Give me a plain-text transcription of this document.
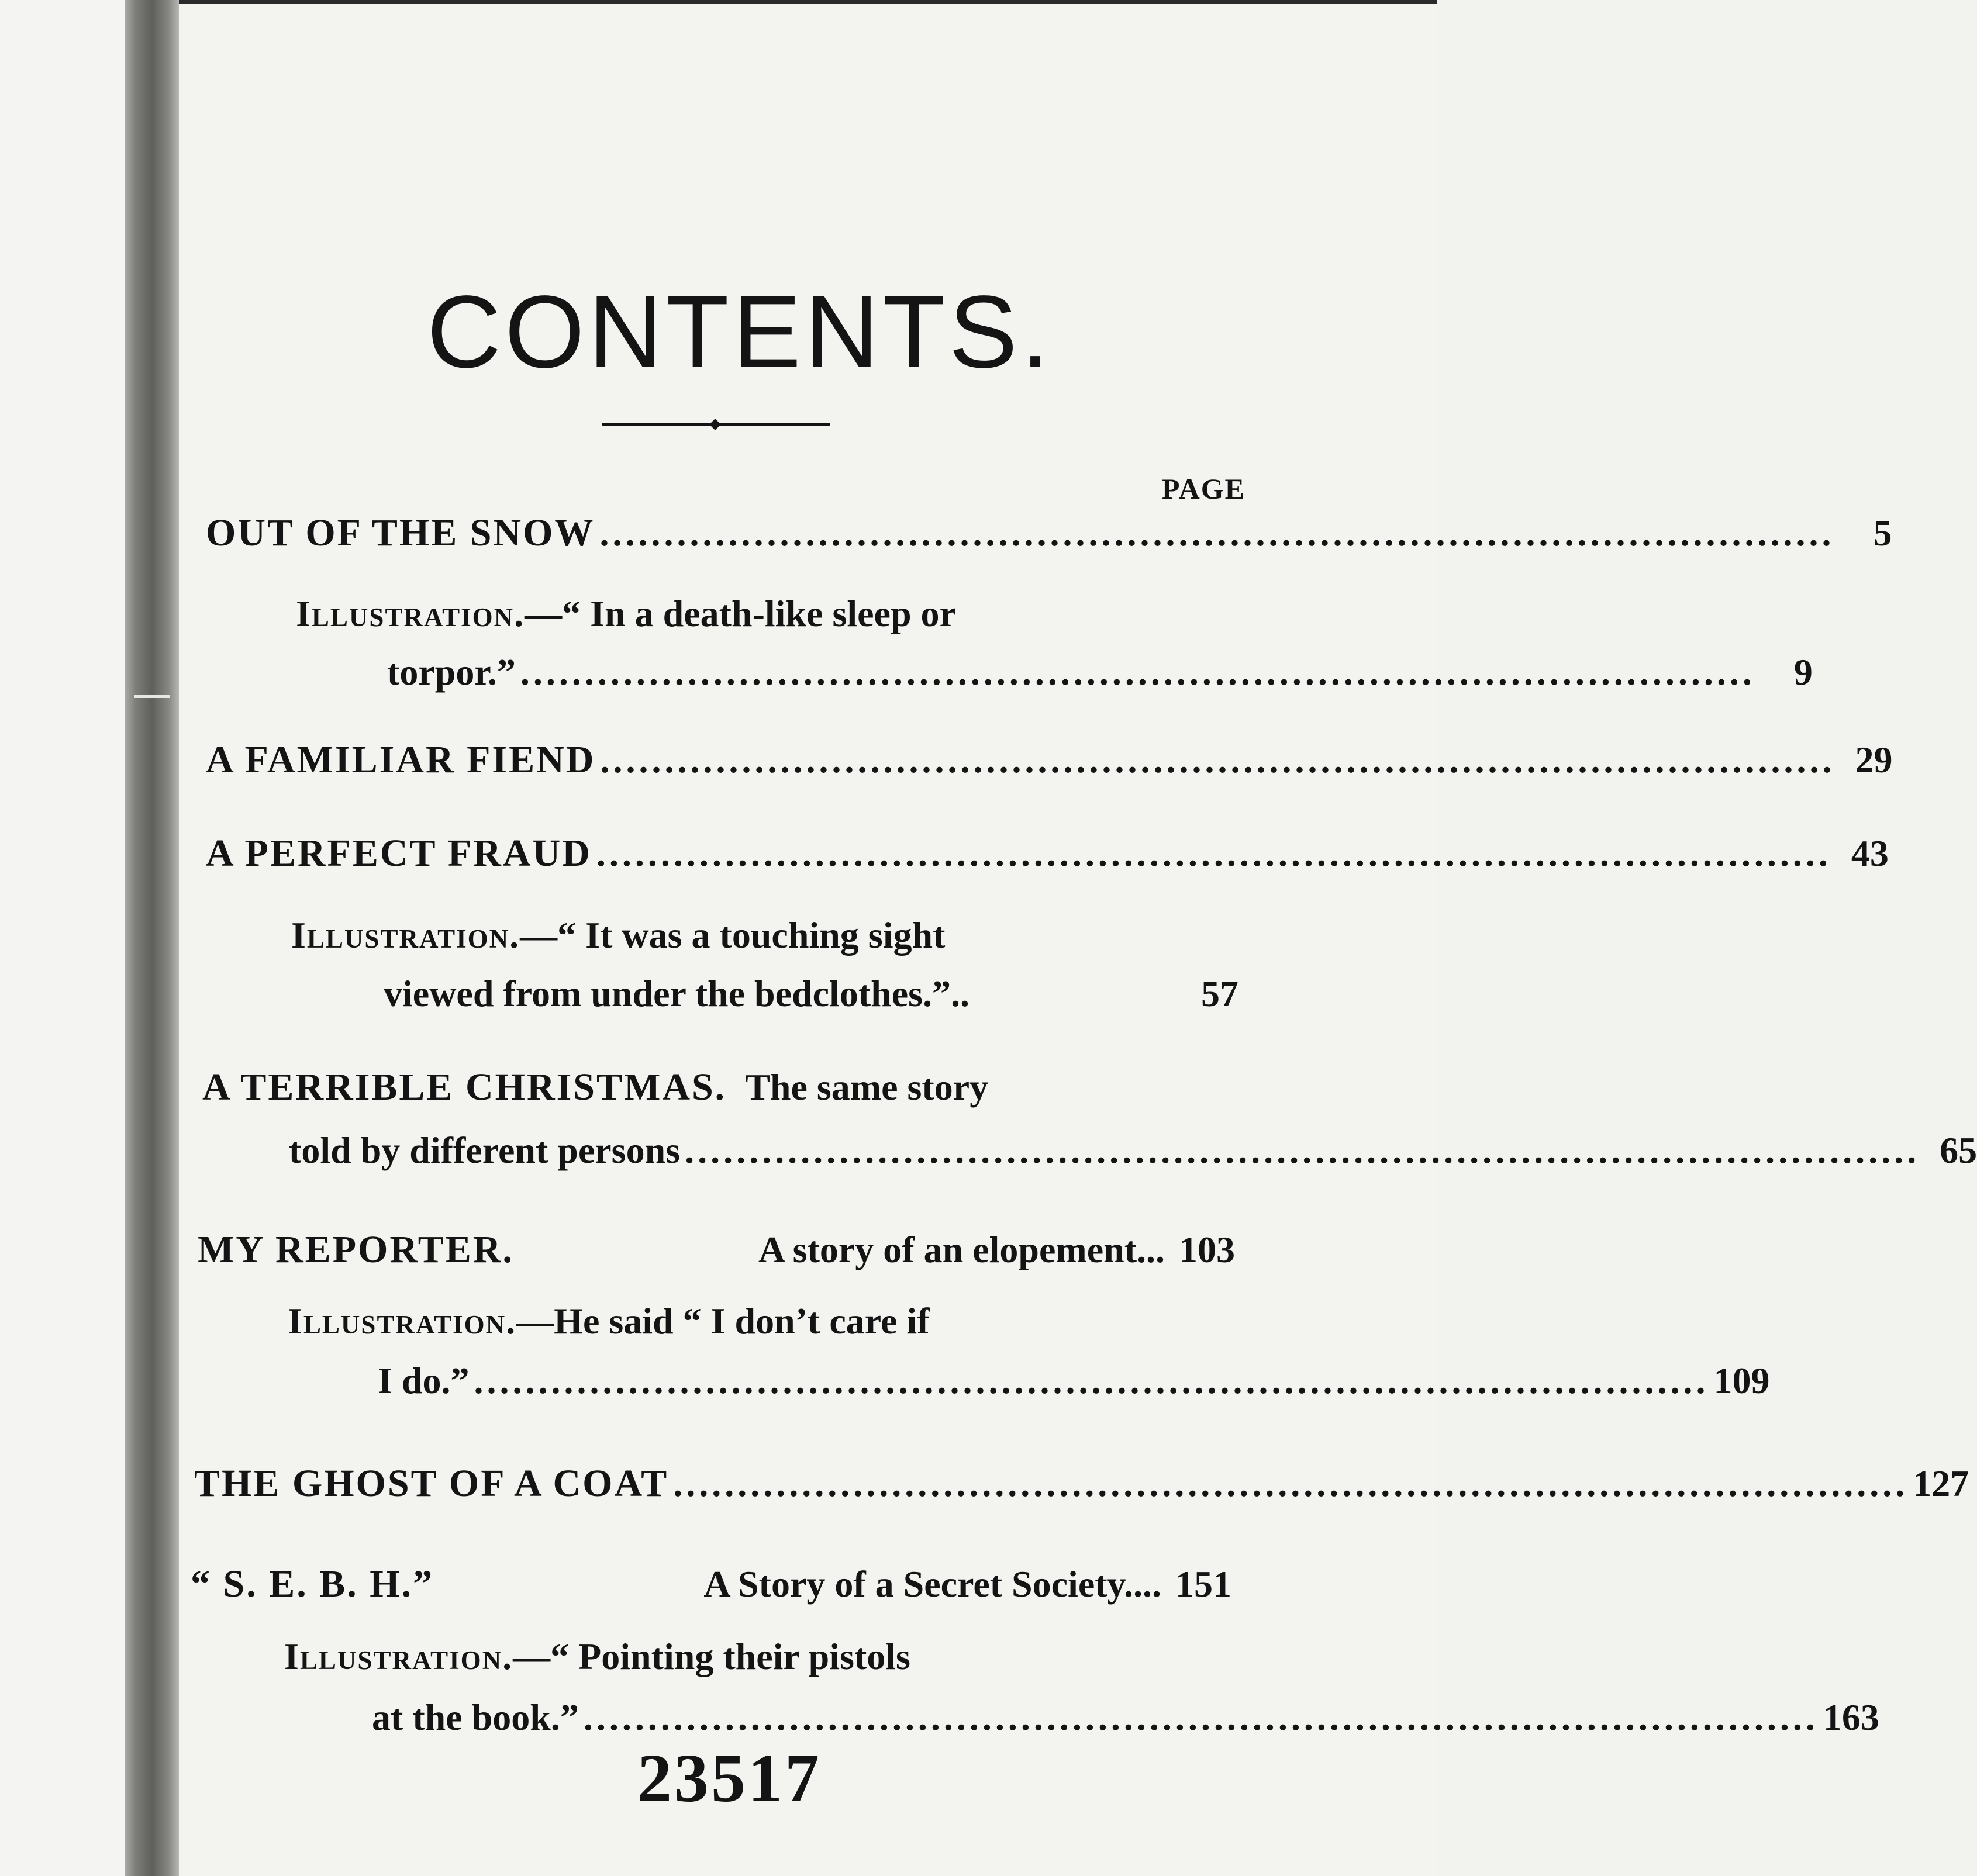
CONTENTS.
PAGE
OUT OF THE SNOW ................................................................................................	5
Illustration.—“ In a death-like sleep or
torpor.” ................................................................................................	9
A FAMILIAR FIEND ................................................................................................ 29
A PERFECT FRAUD ................................................................................................ 43
Illustration.—“ It was a touching sight
viewed from under the bedclothes.”..	57
A TERRIBLE CHRISTMAS. The same story
told by different persons ................................................................................................ 65
MY REPORTER.	A story of an elopement... 103
Illustration.—He said “ I don’t care if
I do.” ................................................................................................ 109
THE GHOST OF A COAT ................................................................................................ 127
“ S. E. B. H.”	A Story of a Secret Society.... 151
Illustration.—“ Pointing their pistols
at the book.” ................................................................................................ 163
23517
